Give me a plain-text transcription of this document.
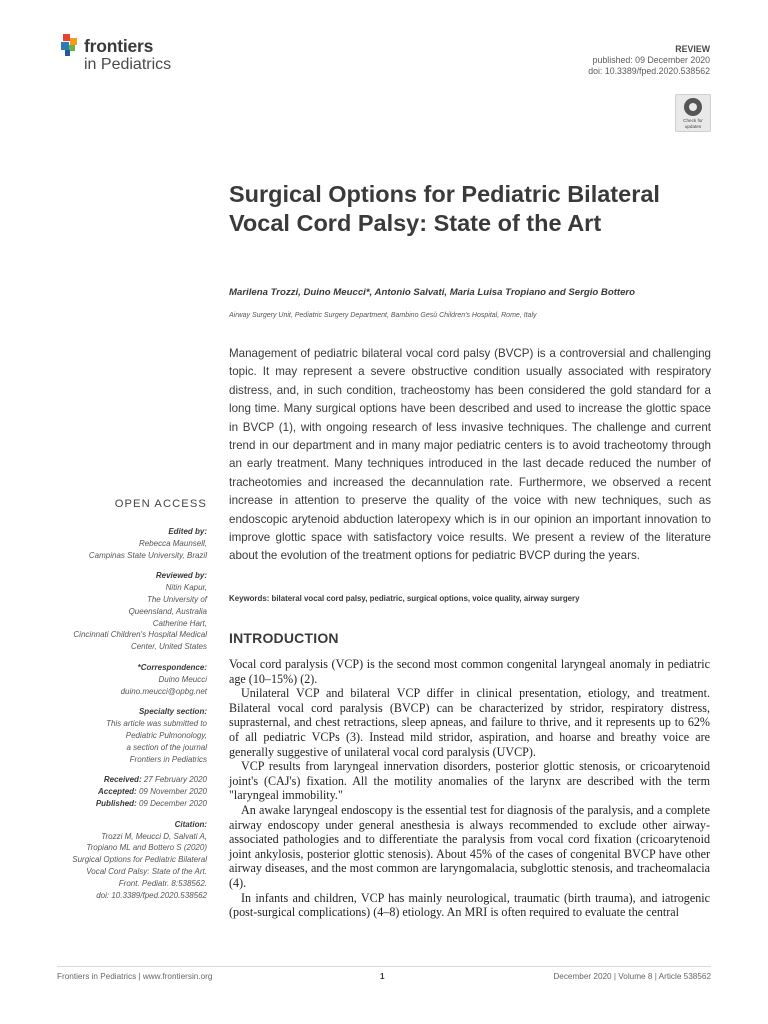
frontiers
in Pediatrics
REVIEW
published: 09 December 2020
doi: 10.3389/fped.2020.538562
Check for
updates
Surgical Options for Pediatric Bilateral Vocal Cord Palsy: State of the Art
Marilena Trozzi, Duino Meucci*, Antonio Salvati, Maria Luisa Tropiano and Sergio Bottero
Airway Surgery Unit, Pediatric Surgery Department, Bambino Gesù Children's Hospital, Rome, Italy
Management of pediatric bilateral vocal cord palsy (BVCP) is a controversial and challenging topic. It may represent a severe obstructive condition usually associated with respiratory distress, and, in such condition, tracheostomy has been considered the gold standard for a long time. Many surgical options have been described and used to increase the glottic space in BVCP (1), with ongoing research of less invasive techniques. The challenge and current trend in our department and in many major pediatric centers is to avoid tracheotomy through an early treatment. Many techniques introduced in the last decade reduced the number of tracheotomies and increased the decannulation rate. Furthermore, we observed a recent increase in attention to preserve the quality of the voice with new techniques, such as endoscopic arytenoid abduction lateropexy which is in our opinion an important innovation to improve glottic space with satisfactory voice results. We present a review of the literature about the evolution of the treatment options for pediatric BVCP during the years.
Keywords: bilateral vocal cord palsy, pediatric, surgical options, voice quality, airway surgery
INTRODUCTION

Vocal cord paralysis (VCP) is the second most common congenital laryngeal anomaly in pediatric age (10–15%) (2).

Unilateral VCP and bilateral VCP differ in clinical presentation, etiology, and treatment. Bilateral vocal cord paralysis (BVCP) can be characterized by stridor, respiratory distress, suprasternal, and chest retractions, sleep apneas, and failure to thrive, and it represents up to 62% of all pediatric VCPs (3). Instead mild stridor, aspiration, and hoarse and breathy voice are generally suggestive of unilateral vocal cord paralysis (UVCP).

VCP results from laryngeal innervation disorders, posterior glottic stenosis, or cricoarytenoid joint's (CAJ's) fixation. All the motility anomalies of the larynx are described with the term "laryngeal immobility."

An awake laryngeal endoscopy is the essential test for diagnosis of the paralysis, and a complete airway endoscopy under general anesthesia is always recommended to exclude other airway-associated pathologies and to differentiate the paralysis from vocal cord fixation (cricoarytenoid joint ankylosis, posterior glottic stenosis). About 45% of the cases of congenital BVCP have other airway diseases, and the most common are laryngomalacia, subglottic stenosis, and tracheomalacia (4).

In infants and children, VCP has mainly neurological, traumatic (birth trauma), and iatrogenic (post-surgical complications) (4–8) etiology. An MRI is often required to evaluate the central

OPEN ACCESS
Edited by:
Rebecca Maunsell,
Campinas State University, Brazil
Reviewed by:
Nitin Kapur,
The University of
Queensland, Australia
Catherine Hart,
Cincinnati Children's Hospital Medical
Center, United States
*Correspondence:
Duino Meucci
duino.meucci@opbg.net
Specialty section:
This article was submitted to
Pediatric Pulmonology,
a section of the journal
Frontiers in Pediatrics
Received: 27 February 2020
Accepted: 09 November 2020
Published: 09 December 2020
Citation:
Trozzi M, Meucci D, Salvati A,
Tropiano ML and Bottero S (2020)
Surgical Options for Pediatric Bilateral
Vocal Cord Palsy: State of the Art.
Front. Pediatr. 8:538562.
doi: 10.3389/fped.2020.538562
Frontiers in Pediatrics | www.frontiersin.org	1	December 2020 | Volume 8 | Article 538562
